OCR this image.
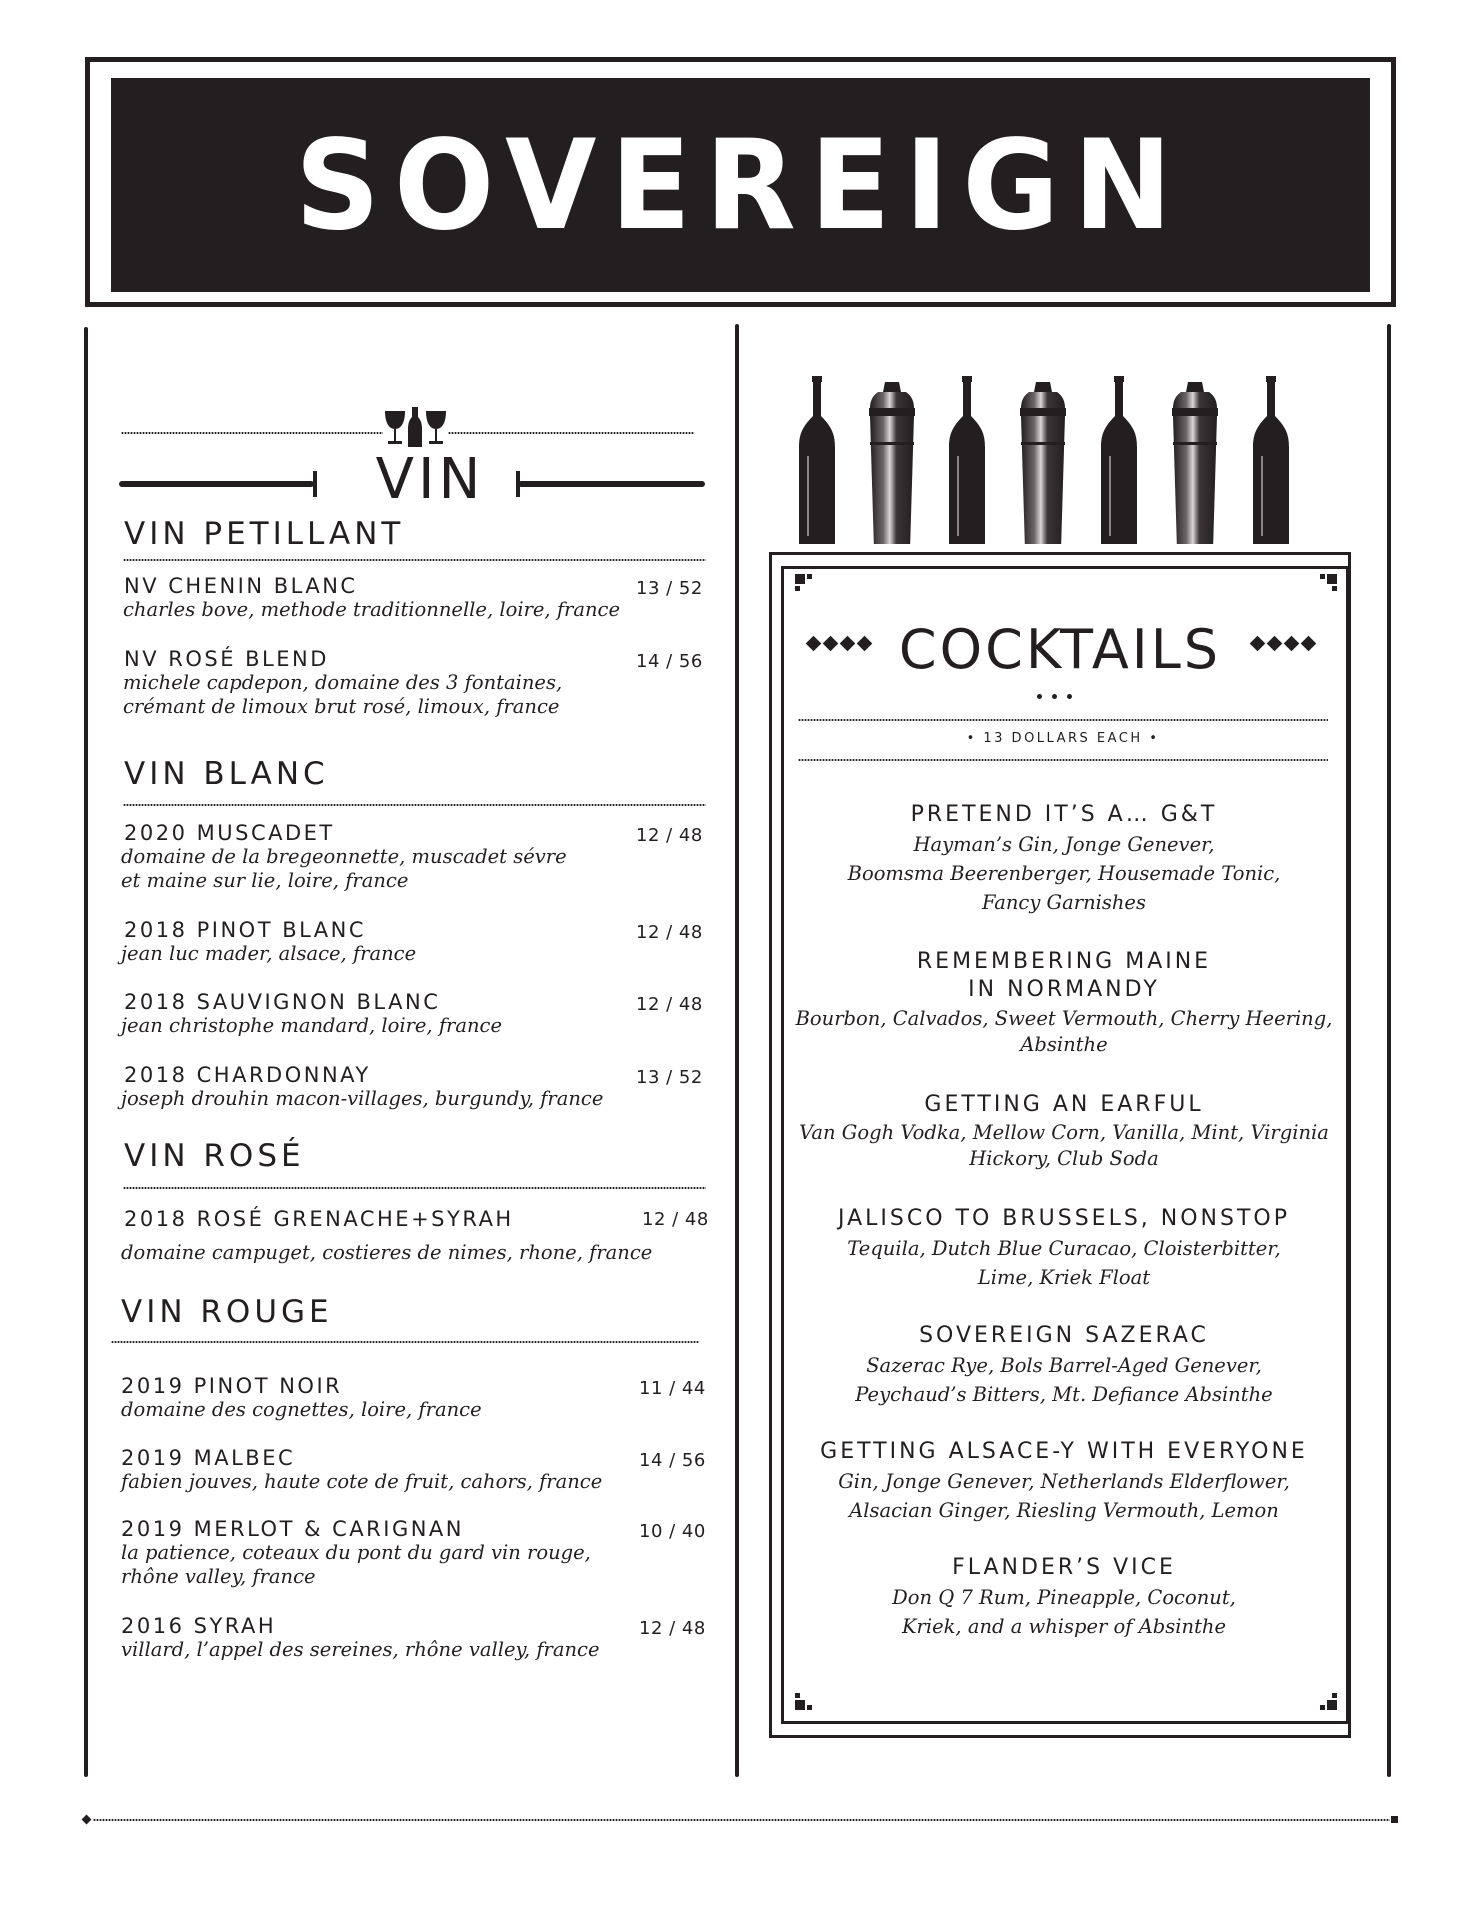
SOVEREIGN
VIN
VIN PETILLANT
NV CHENIN BLANC	13 / 52
charles bove, methode traditionnelle, loire, france
NV ROSÉ BLEND	14 / 56
michele capdepon, domaine des 3 fontaines,
crémant de limoux brut rosé, limoux, france
VIN BLANC
2020 MUSCADET	12 / 48
domaine de la bregeonnette, muscadet sévre
et maine sur lie, loire, france
2018 PINOT BLANC	12 / 48
jean luc mader, alsace, france
2018 SAUVIGNON BLANC	12 / 48
jean christophe mandard, loire, france
2018 CHARDONNAY	13 / 52
joseph drouhin macon-villages, burgundy, france
VIN ROSÉ
2018 ROSÉ GRENACHE+SYRAH	12 / 48
domaine campuget, costieres de nimes, rhone, france
VIN ROUGE
2019 PINOT NOIR	11 / 44
domaine des cognettes, loire, france
2019 MALBEC	14 / 56
fabien jouves, haute cote de fruit, cahors, france
2019 MERLOT & CARIGNAN	10 / 40
la patience, coteaux du pont du gard vin rouge,
rhône valley, france
2016 SYRAH	12 / 48
villard, l’appel des sereines, rhône valley, france
COCKTAILS
• 13 DOLLARS EACH •
PRETEND IT’S A… G&T
Hayman’s Gin, Jonge Genever,
Boomsma Beerenberger, Housemade Tonic,
Fancy Garnishes
REMEMBERING MAINE
IN NORMANDY
Bourbon, Calvados, Sweet Vermouth, Cherry Heering,
Absinthe
GETTING AN EARFUL
Van Gogh Vodka, Mellow Corn, Vanilla, Mint, Virginia
Hickory, Club Soda
JALISCO TO BRUSSELS, NONSTOP
Tequila, Dutch Blue Curacao, Cloisterbitter,
Lime, Kriek Float
SOVEREIGN SAZERAC
Sazerac Rye, Bols Barrel-Aged Genever,
Peychaud’s Bitters, Mt. Defiance Absinthe
GETTING ALSACE-Y WITH EVERYONE
Gin, Jonge Genever, Netherlands Elderflower,
Alsacian Ginger, Riesling Vermouth, Lemon
FLANDER’S VICE
Don Q 7 Rum, Pineapple, Coconut,
Kriek, and a whisper of Absinthe
